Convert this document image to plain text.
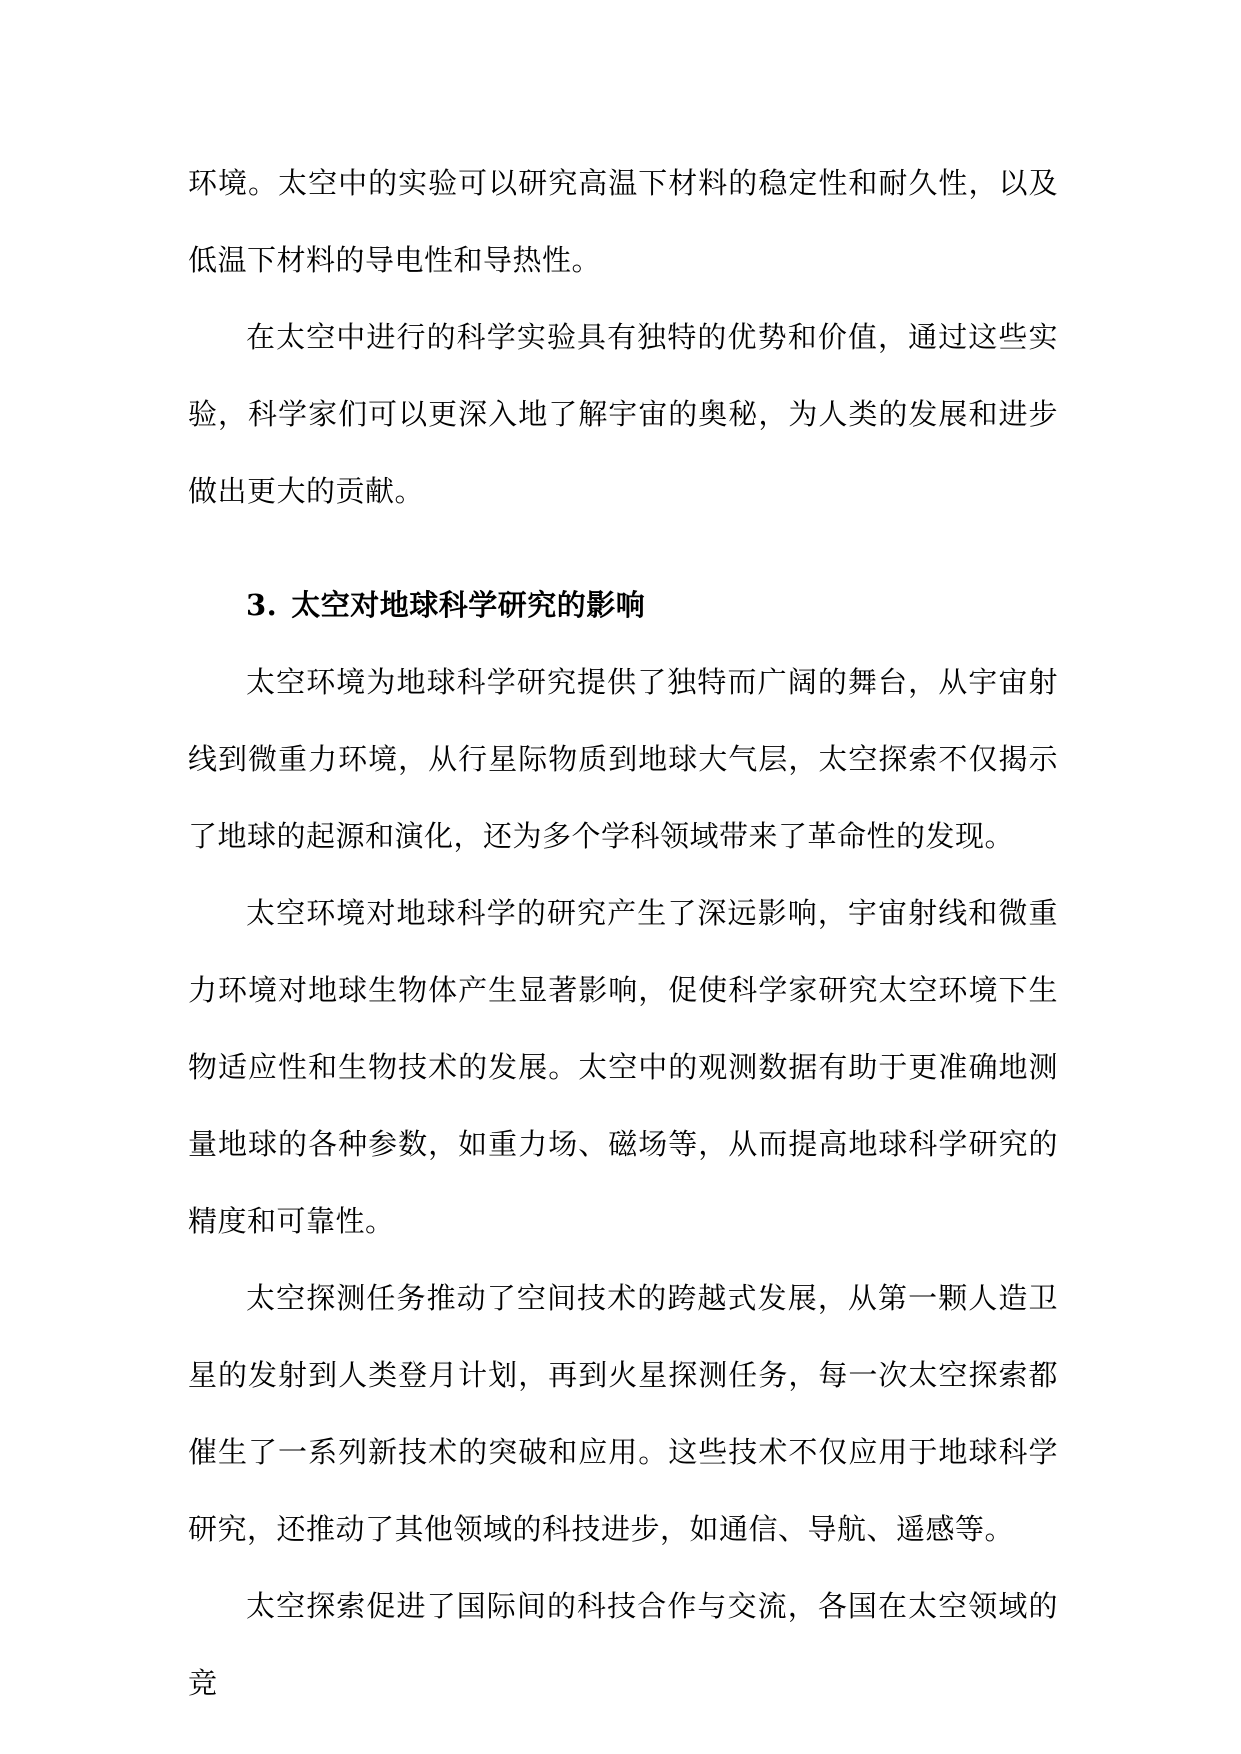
环境。太空中的实验可以研究高温下材料的稳定性和耐久性，以及低温下材料的导电性和导热性。

在太空中进行的科学实验具有独特的优势和价值，通过这些实验，科学家们可以更深入地了解宇宙的奥秘，为人类的发展和进步做出更大的贡献。

3. 太空对地球科学研究的影响

太空环境为地球科学研究提供了独特而广阔的舞台，从宇宙射线到微重力环境，从行星际物质到地球大气层，太空探索不仅揭示了地球的起源和演化，还为多个学科领域带来了革命性的发现。

太空环境对地球科学的研究产生了深远影响，宇宙射线和微重力环境对地球生物体产生显著影响，促使科学家研究太空环境下生物适应性和生物技术的发展。太空中的观测数据有助于更准确地测量地球的各种参数，如重力场、磁场等，从而提高地球科学研究的精度和可靠性。

太空探测任务推动了空间技术的跨越式发展，从第一颗人造卫星的发射到人类登月计划，再到火星探测任务，每一次太空探索都催生了一系列新技术的突破和应用。这些技术不仅应用于地球科学研究，还推动了其他领域的科技进步，如通信、导航、遥感等。

太空探索促进了国际间的科技合作与交流，各国在太空领域的竞
